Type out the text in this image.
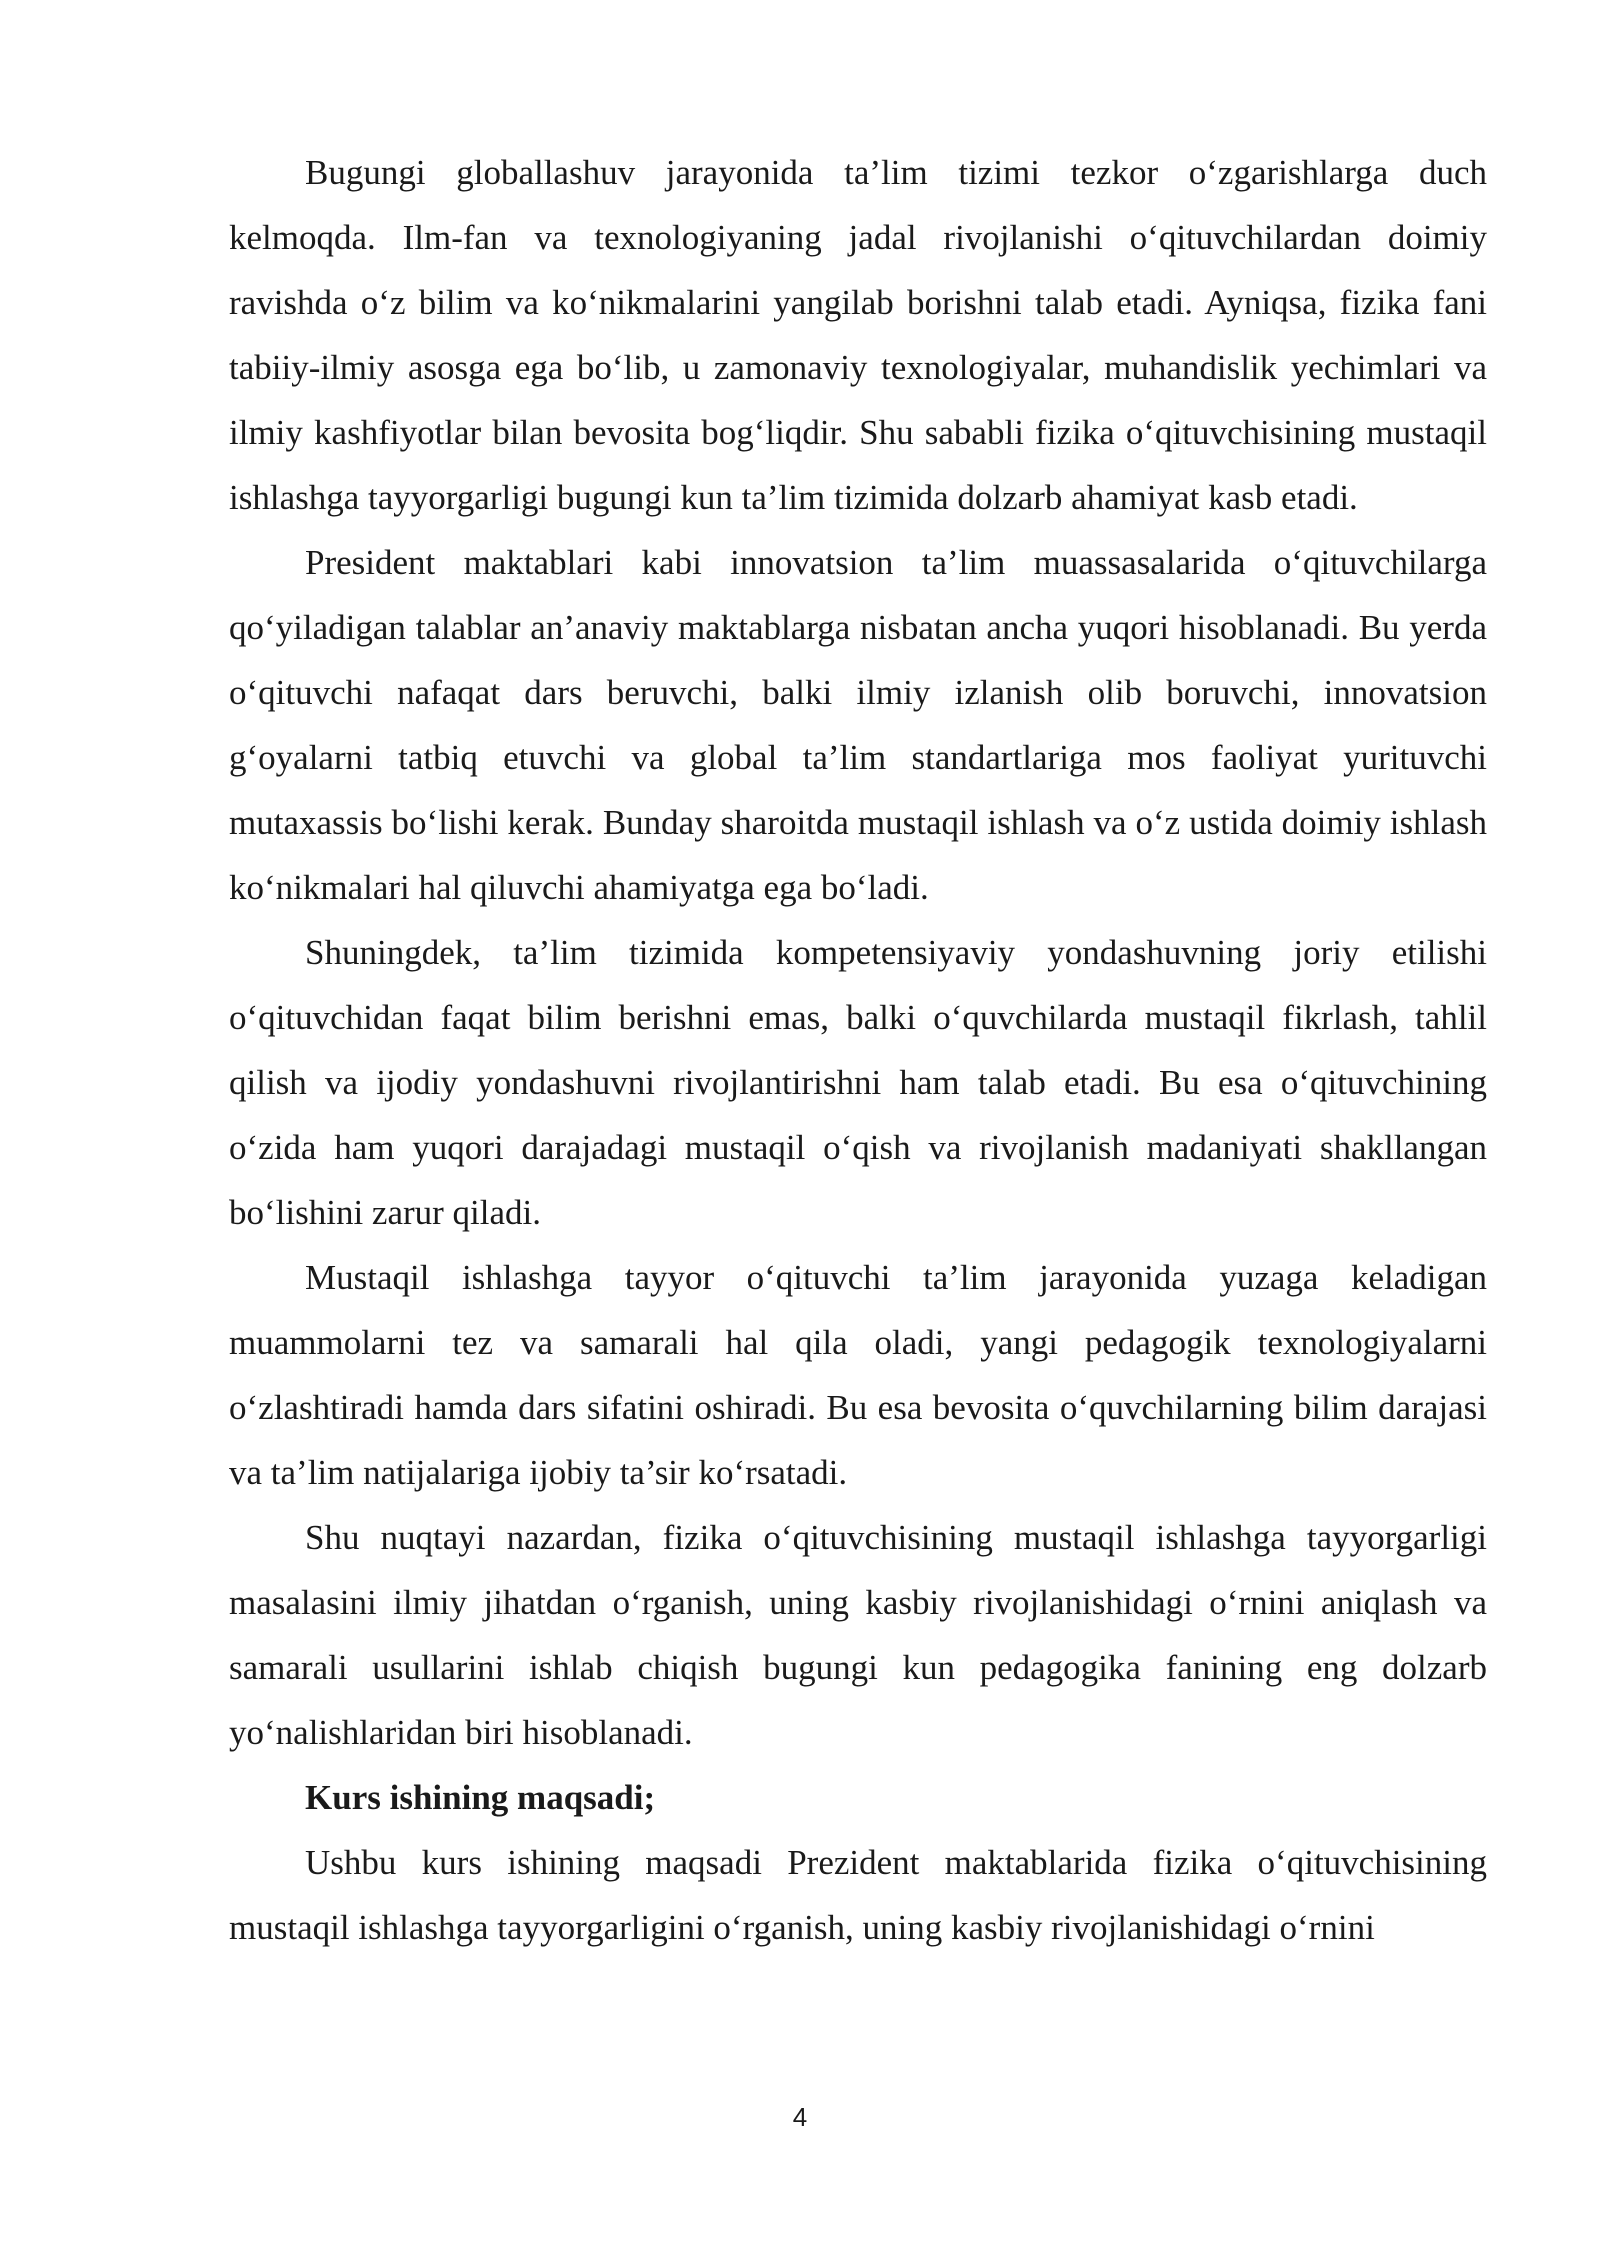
Bugungi globallashuv jarayonida ta’lim tizimi tezkor o‘zgarishlarga duch kelmoqda. Ilm-fan va texnologiyaning jadal rivojlanishi o‘qituvchilardan doimiy ravishda o‘z bilim va ko‘nikmalarini yangilab borishni talab etadi. Ayniqsa, fizika fani tabiiy-ilmiy asosga ega bo‘lib, u zamonaviy texnologiyalar, muhandislik yechimlari va ilmiy kashfiyotlar bilan bevosita bog‘liqdir. Shu sababli fizika o‘qituvchisining mustaqil ishlashga tayyorgarligi bugungi kun ta’lim tizimida dolzarb ahamiyat kasb etadi.

President maktablari kabi innovatsion ta’lim muassasalarida o‘qituvchilarga qo‘yiladigan talablar an’anaviy maktablarga nisbatan ancha yuqori hisoblanadi. Bu yerda o‘qituvchi nafaqat dars beruvchi, balki ilmiy izlanish olib boruvchi, innovatsion g‘oyalarni tatbiq etuvchi va global ta’lim standartlariga mos faoliyat yurituvchi mutaxassis bo‘lishi kerak. Bunday sharoitda mustaqil ishlash va o‘z ustida doimiy ishlash ko‘nikmalari hal qiluvchi ahamiyatga ega bo‘ladi.

Shuningdek, ta’lim tizimida kompetensiyaviy yondashuvning joriy etilishi o‘qituvchidan faqat bilim berishni emas, balki o‘quvchilarda mustaqil fikrlash, tahlil qilish va ijodiy yondashuvni rivojlantirishni ham talab etadi. Bu esa o‘qituvchining o‘zida ham yuqori darajadagi mustaqil o‘qish va rivojlanish madaniyati shakllangan bo‘lishini zarur qiladi.

Mustaqil ishlashga tayyor o‘qituvchi ta’lim jarayonida yuzaga keladigan muammolarni tez va samarali hal qila oladi, yangi pedagogik texnologiyalarni o‘zlashtiradi hamda dars sifatini oshiradi. Bu esa bevosita o‘quvchilarning bilim darajasi va ta’lim natijalariga ijobiy ta’sir ko‘rsatadi.

Shu nuqtayi nazardan, fizika o‘qituvchisining mustaqil ishlashga tayyorgarligi masalasini ilmiy jihatdan o‘rganish, uning kasbiy rivojlanishidagi o‘rnini aniqlash va samarali usullarini ishlab chiqish bugungi kun pedagogika fanining eng dolzarb yo‘nalishlaridan biri hisoblanadi.

Kurs ishining maqsadi;

Ushbu kurs ishining maqsadi Prezident maktablarida fizika o‘qituvchisining mustaqil ishlashga tayyorgarligini o‘rganish, uning kasbiy rivojlanishidagi o‘rnini

4
